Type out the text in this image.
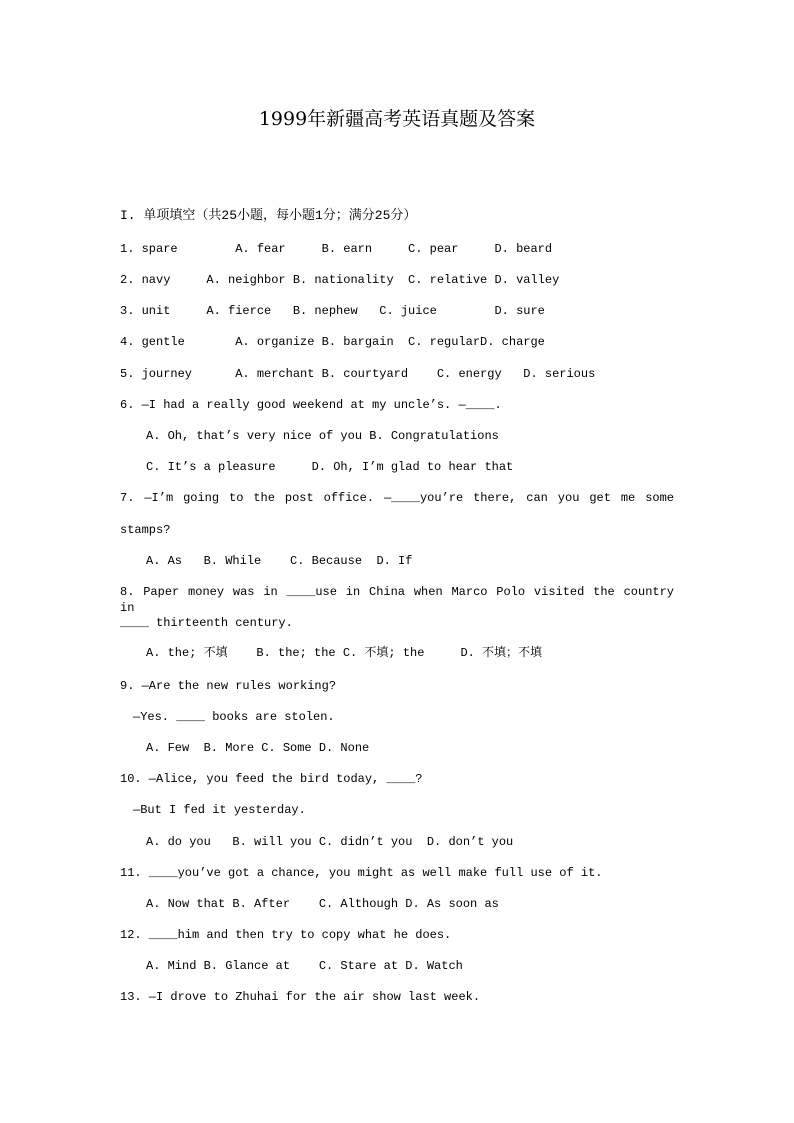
1999年新疆高考英语真题及答案
I. 单项填空（共25小题，每小题1分；满分25分）
1. spare        A. fear     B. earn     C. pear     D. beard
2. navy     A. neighbor B. nationality  C. relative D. valley
3. unit     A. fierce   B. nephew   C. juice        D. sure
4. gentle       A. organize B. bargain  C. regularD. charge
5. journey      A. merchant B. courtyard    C. energy   D. serious
6. —I had a really good weekend at my uncle’s. —____.
A. Oh, that’s very nice of you B. Congratulations
C. It’s a pleasure     D. Oh, I’m glad to hear that
7. —I’m going to the post office. —____you’re there, can you get me some
stamps?
A. As   B. While    C. Because  D. If
8. Paper money was in ____use in China when Marco Polo visited the country in
____ thirteenth century.
A. the; 不填    B. the; the C. 不填; the     D. 不填；不填
9. —Are the new rules working?
—Yes. ____ books are stolen.
A. Few  B. More C. Some D. None
10. —Alice, you feed the bird today, ____?
—But I fed it yesterday.
A. do you   B. will you C. didn’t you  D. don’t you
11. ____you’ve got a chance, you might as well make full use of it.
A. Now that B. After    C. Although D. As soon as
12. ____him and then try to copy what he does.
A. Mind B. Glance at    C. Stare at D. Watch
13. —I drove to Zhuhai for the air show last week.
